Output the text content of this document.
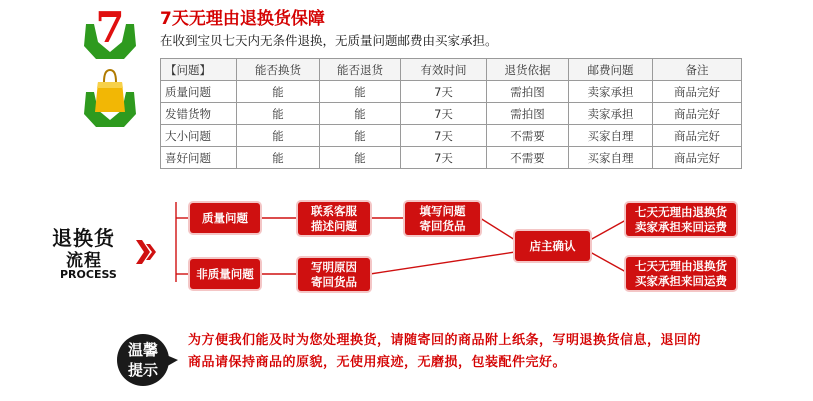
7 7天无理由退换货保障
在收到宝贝七天内无条件退换，无质量问题邮费由买家承担。
【问题】	能否换货	能否退货	有效时间	退货依据	邮费问题	备注
质量问题	能	能	7天	需拍图	卖家承担	商品完好
发错货物	能	能	7天	需拍图	卖家承担	商品完好
大小问题	能	能	7天	不需要	买家自理	商品完好
喜好问题	能	能	7天	不需要	买家自理	商品完好
退换货
流程
PROCESS
质量问题	联系客服
描述问题
填写问题
寄回货品
非质量问题	写明原因
寄回货品
店主确认
七天无理由退换货
卖家承担来回运费
七天无理由退换货
买家承担来回运费
温馨
提示
为方便我们能及时为您处理换货，请随寄回的商品附上纸条，写明退换货信息，退回的商品请保持商品的原貌，无使用痕迹，无磨损，包装配件完好。
